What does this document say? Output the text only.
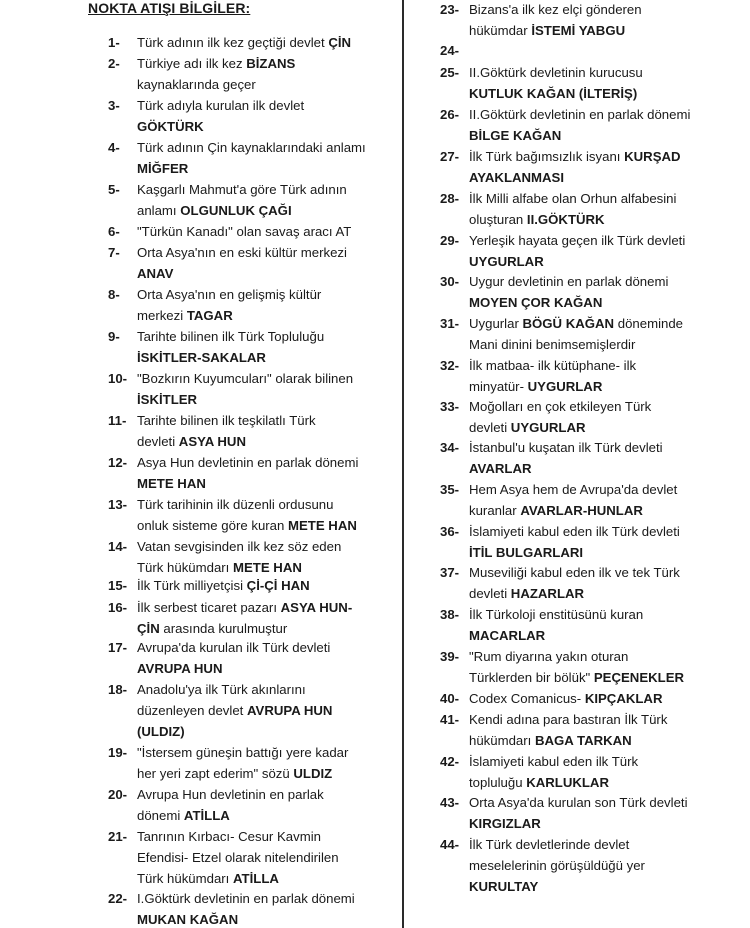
NOKTA ATIŞI BİLGİLER:
1- Türk adının ilk kez geçtiği devlet ÇİN
2- Türkiye adı ilk kez BİZANS
kaynaklarında geçer
3- Türk adıyla kurulan ilk devlet
GÖKTÜRK
4- Türk adının Çin kaynaklarındaki anlamı
MİĞFER
5- Kaşgarlı Mahmut'a göre Türk adının
anlamı OLGUNLUK ÇAĞI
6- "Türkün Kanadı" olan savaş aracı AT
7- Orta Asya'nın en eski kültür merkezi
ANAV
8- Orta Asya'nın en gelişmiş kültür
merkezi TAGAR
9- Tarihte bilinen ilk Türk Topluluğu
İSKİTLER-SAKALAR
10- "Bozkırın Kuyumcuları" olarak bilinen
İSKİTLER
11- Tarihte bilinen ilk teşkilatlı Türk
devleti ASYA HUN
12- Asya Hun devletinin en parlak dönemi
METE HAN
13- Türk tarihinin ilk düzenli ordusunu
onluk sisteme göre kuran METE HAN
14- Vatan sevgisinden ilk kez söz eden
Türk hükümdarı METE HAN
15- İlk Türk milliyetçisi Çİ-Çİ HAN
16- İlk serbest ticaret pazarı ASYA HUN-
ÇİN arasında kurulmuştur
17- Avrupa'da kurulan ilk Türk devleti
AVRUPA HUN
18- Anadolu'ya ilk Türk akınlarını
düzenleyen devlet AVRUPA HUN
(ULDIZ)
19- "İstersem güneşin battığı yere kadar
her yeri zapt ederim" sözü ULDIZ
20- Avrupa Hun devletinin en parlak
dönemi ATİLLA
21- Tanrının Kırbacı- Cesur Kavmin
Efendisi- Etzel olarak nitelendirilen
Türk hükümdarı ATİLLA
22- I.Göktürk devletinin en parlak dönemi
MUKAN KAĞAN
23- Bizans'a ilk kez elçi gönderen
hükümdar İSTEMİ YABGU
24-
25- II.Göktürk devletinin kurucusu
KUTLUK KAĞAN (İLTERİŞ)
26- II.Göktürk devletinin en parlak dönemi
BİLGE KAĞAN
27- İlk Türk bağımsızlık isyanı KURŞAD
AYAKLANMASI
28- İlk Milli alfabe olan Orhun alfabesini
oluşturan II.GÖKTÜRK
29- Yerleşik hayata geçen ilk Türk devleti
UYGURLAR
30- Uygur devletinin en parlak dönemi
MOYEN ÇOR KAĞAN
31- Uygurlar BÖGÜ KAĞAN döneminde
Mani dinini benimsemişlerdir
32- İlk matbaa- ilk kütüphane- ilk
minyatür- UYGURLAR
33- Moğolları en çok etkileyen Türk
devleti UYGURLAR
34- İstanbul'u kuşatan ilk Türk devleti
AVARLAR
35- Hem Asya hem de Avrupa'da devlet
kuranlar AVARLAR-HUNLAR
36- İslamiyeti kabul eden ilk Türk devleti
İTİL BULGARLARI
37- Museviliği kabul eden ilk ve tek Türk
devleti HAZARLAR
38- İlk Türkoloji enstitüsünü kuran
MACARLAR
39- "Rum diyarına yakın oturan
Türklerden bir bölük" PEÇENEKLER
40- Codex Comanicus- KIPÇAKLAR
41- Kendi adına para bastıran İlk Türk
hükümdarı BAGA TARKAN
42- İslamiyeti kabul eden ilk Türk
topluluğu KARLUKLAR
43- Orta Asya'da kurulan son Türk devleti
KIRGIZLAR
44- İlk Türk devletlerinde devlet
meselelerinin görüşüldüğü yer
KURULTAY
